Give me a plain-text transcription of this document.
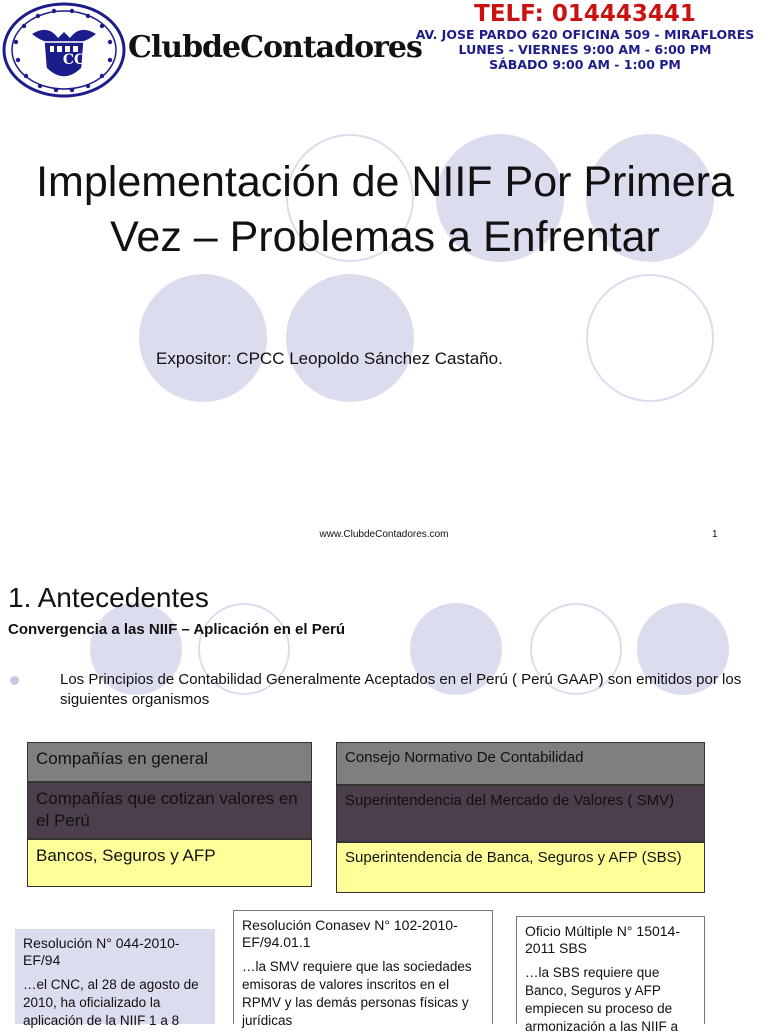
CC	ClubdeContadores
TELF: 014443441
AV. JOSE PARDO 620 OFICINA 509 - MIRAFLORES
LUNES - VIERNES 9:00 AM - 6:00 PM
SÁBADO 9:00 AM - 1:00 PM
Implementación de NIIF Por Primera Vez – Problemas a Enfrentar
Expositor: CPCC Leopoldo Sánchez Castaño.
www.ClubdeContadores.com	1
1. Antecedentes
Convergencia a las NIIF – Aplicación en el Perú
Los Principios de Contabilidad Generalmente Aceptados en el Perú ( Perú GAAP) son emitidos por los siguientes organismos
Compañías en general
Compañías que cotizan valores en el Perú
Bancos, Seguros y AFP
Consejo Normativo De Contabilidad
Superintendencia del Mercado de Valores ( SMV)
Superintendencia de Banca, Seguros y AFP (SBS)
Resolución N° 044-2010-EF/94
…el CNC, al 28 de agosto de 2010, ha oficializado la aplicación de la NIIF 1 a 8
Resolución Conasev N° 102-2010-EF/94.01.1
…la SMV requiere que las sociedades emisoras de valores inscritos en el RPMV y las demás personas físicas y jurídicas
Oficio Múltiple N° 15014-2011 SBS
…la SBS requiere que Banco, Seguros y AFP empiecen su proceso de armonización a las NIIF a
